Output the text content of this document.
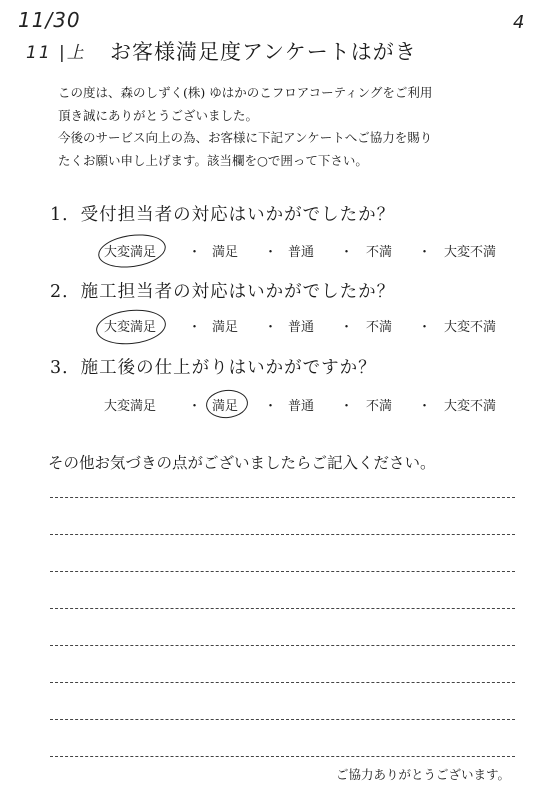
11/30
11 |上
4
お客様満足度アンケートはがき
この度は、森のしずく(株) ゆはかのこフロアコーティングをご利用
頂き誠にありがとうございました。
今後のサービス向上の為、お客様に下記アンケートへご協力を賜り
たくお願い申し上げます。該当欄を○で囲って下さい。
1．受付担当者の対応はいかがでしたか？
大変満足 ・ 満足 ・ 普通 ・ 不満 ・ 大変不満
2．施工担当者の対応はいかがでしたか？
大変満足 ・ 満足 ・ 普通 ・ 不満 ・ 大変不満
3．施工後の仕上がりはいかがですか？
大変満足 ・ 満足 ・ 普通 ・ 不満 ・ 大変不満
その他お気づきの点がございましたらご記入ください。
ご協力ありがとうございます。
